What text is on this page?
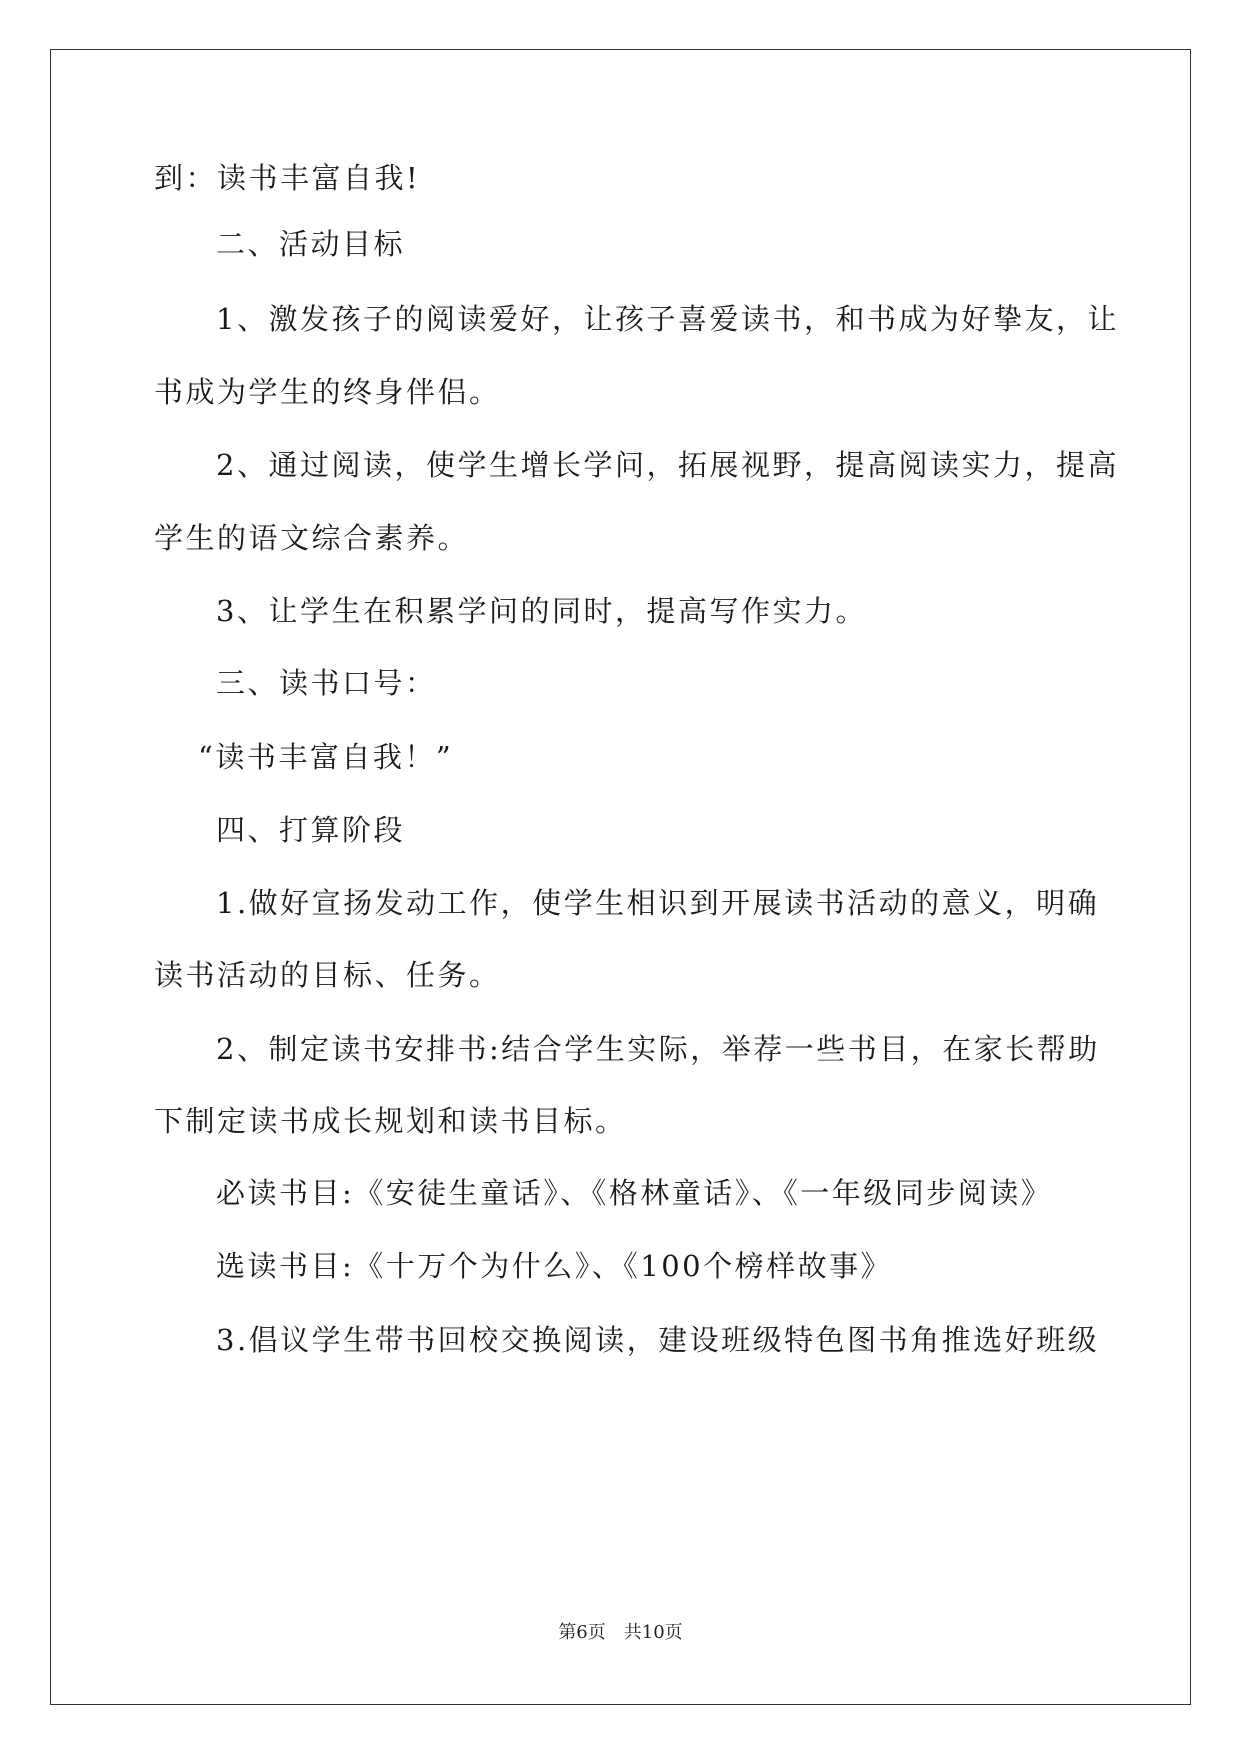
到：读书丰富自我!
二、活动目标
1、激发孩子的阅读爱好，让孩子喜爱读书，和书成为好挚友，让
书成为学生的终身伴侣。
2、通过阅读，使学生增长学问，拓展视野，提高阅读实力，提高
学生的语文综合素养。
3、让学生在积累学问的同时，提高写作实力。
三、读书口号：
“读书丰富自我！”
四、打算阶段
1.做好宣扬发动工作，使学生相识到开展读书活动的意义，明确
读书活动的目标、任务。
2、制定读书安排书:结合学生实际，举荐一些书目，在家长帮助
下制定读书成长规划和读书目标。
必读书目:《安徒生童话》、《格林童话》、《一年级同步阅读》
选读书目:《十万个为什么》、《100个榜样故事》
3.倡议学生带书回校交换阅读，建设班级特色图书角推选好班级
第6页 共10页
